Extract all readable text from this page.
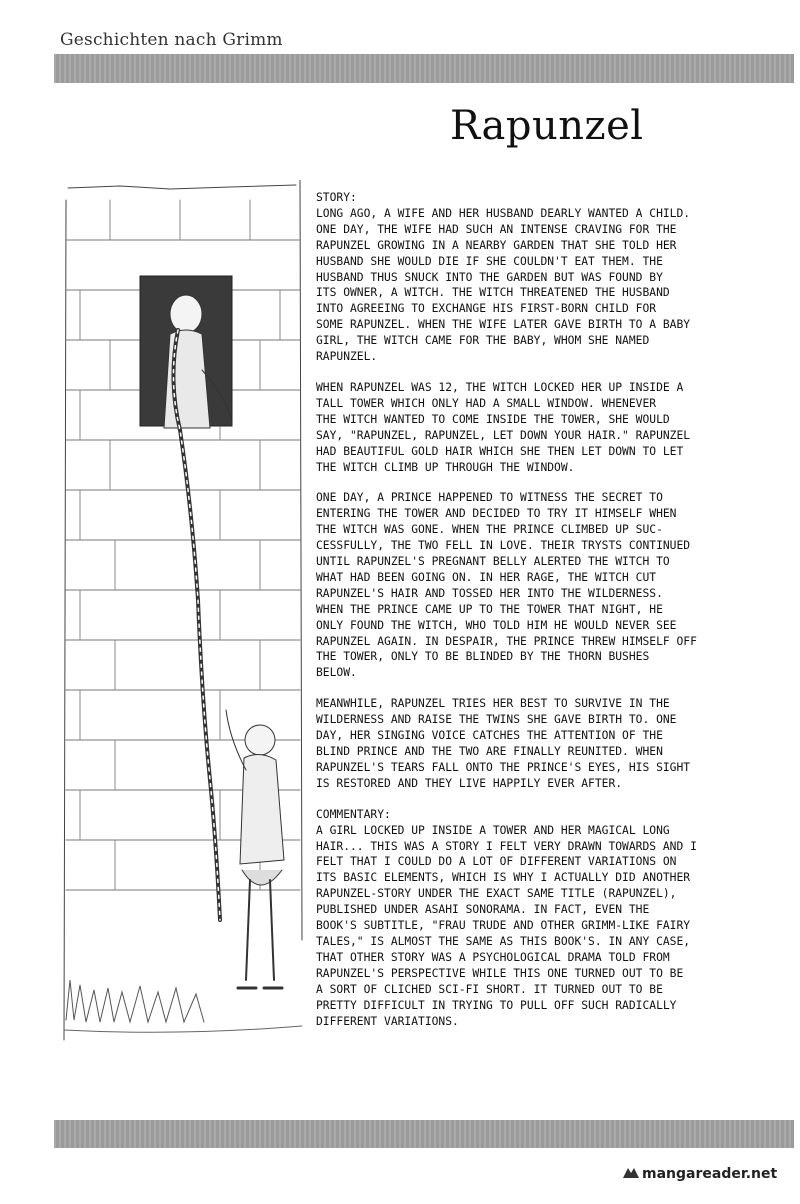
Geschichten nach Grimm
Rapunzel

STORY:

LONG AGO, A WIFE AND HER HUSBAND DEARLY WANTED A CHILD.
ONE DAY, THE WIFE HAD SUCH AN INTENSE CRAVING FOR THE
RAPUNZEL GROWING IN A NEARBY GARDEN THAT SHE TOLD HER
HUSBAND SHE WOULD DIE IF SHE COULDN'T EAT THEM. THE
HUSBAND THUS SNUCK INTO THE GARDEN BUT WAS FOUND BY
ITS OWNER, A WITCH. THE WITCH THREATENED THE HUSBAND
INTO AGREEING TO EXCHANGE HIS FIRST-BORN CHILD FOR
SOME RAPUNZEL. WHEN THE WIFE LATER GAVE BIRTH TO A BABY
GIRL, THE WITCH CAME FOR THE BABY, WHOM SHE NAMED
RAPUNZEL.

WHEN RAPUNZEL WAS 12, THE WITCH LOCKED HER UP INSIDE A
TALL TOWER WHICH ONLY HAD A SMALL WINDOW. WHENEVER
THE WITCH WANTED TO COME INSIDE THE TOWER, SHE WOULD
SAY, "RAPUNZEL, RAPUNZEL, LET DOWN YOUR HAIR." RAPUNZEL
HAD BEAUTIFUL GOLD HAIR WHICH SHE THEN LET DOWN TO LET
THE WITCH CLIMB UP THROUGH THE WINDOW.

ONE DAY, A PRINCE HAPPENED TO WITNESS THE SECRET TO
ENTERING THE TOWER AND DECIDED TO TRY IT HIMSELF WHEN
THE WITCH WAS GONE. WHEN THE PRINCE CLIMBED UP SUC-
CESSFULLY, THE TWO FELL IN LOVE. THEIR TRYSTS CONTINUED
UNTIL RAPUNZEL'S PREGNANT BELLY ALERTED THE WITCH TO
WHAT HAD BEEN GOING ON. IN HER RAGE, THE WITCH CUT
RAPUNZEL'S HAIR AND TOSSED HER INTO THE WILDERNESS.
WHEN THE PRINCE CAME UP TO THE TOWER THAT NIGHT, HE
ONLY FOUND THE WITCH, WHO TOLD HIM HE WOULD NEVER SEE
RAPUNZEL AGAIN. IN DESPAIR, THE PRINCE THREW HIMSELF OFF
THE TOWER, ONLY TO BE BLINDED BY THE THORN BUSHES
BELOW.

MEANWHILE, RAPUNZEL TRIES HER BEST TO SURVIVE IN THE
WILDERNESS AND RAISE THE TWINS SHE GAVE BIRTH TO. ONE
DAY, HER SINGING VOICE CATCHES THE ATTENTION OF THE
BLIND PRINCE AND THE TWO ARE FINALLY REUNITED. WHEN
RAPUNZEL'S TEARS FALL ONTO THE PRINCE'S EYES, HIS SIGHT
IS RESTORED AND THEY LIVE HAPPILY EVER AFTER.

COMMENTARY:

A GIRL LOCKED UP INSIDE A TOWER AND HER MAGICAL LONG
HAIR... THIS WAS A STORY I FELT VERY DRAWN TOWARDS AND I
FELT THAT I COULD DO A LOT OF DIFFERENT VARIATIONS ON
ITS BASIC ELEMENTS, WHICH IS WHY I ACTUALLY DID ANOTHER
RAPUNZEL-STORY UNDER THE EXACT SAME TITLE (RAPUNZEL),
PUBLISHED UNDER ASAHI SONORAMA. IN FACT, EVEN THE
BOOK'S SUBTITLE, "FRAU TRUDE AND OTHER GRIMM-LIKE FAIRY
TALES," IS ALMOST THE SAME AS THIS BOOK'S. IN ANY CASE,
THAT OTHER STORY WAS A PSYCHOLOGICAL DRAMA TOLD FROM
RAPUNZEL'S PERSPECTIVE WHILE THIS ONE TURNED OUT TO BE
A SORT OF CLICHED SCI-FI SHORT. IT TURNED OUT TO BE
PRETTY DIFFICULT IN TRYING TO PULL OFF SUCH RADICALLY
DIFFERENT VARIATIONS.

mangareader.net
